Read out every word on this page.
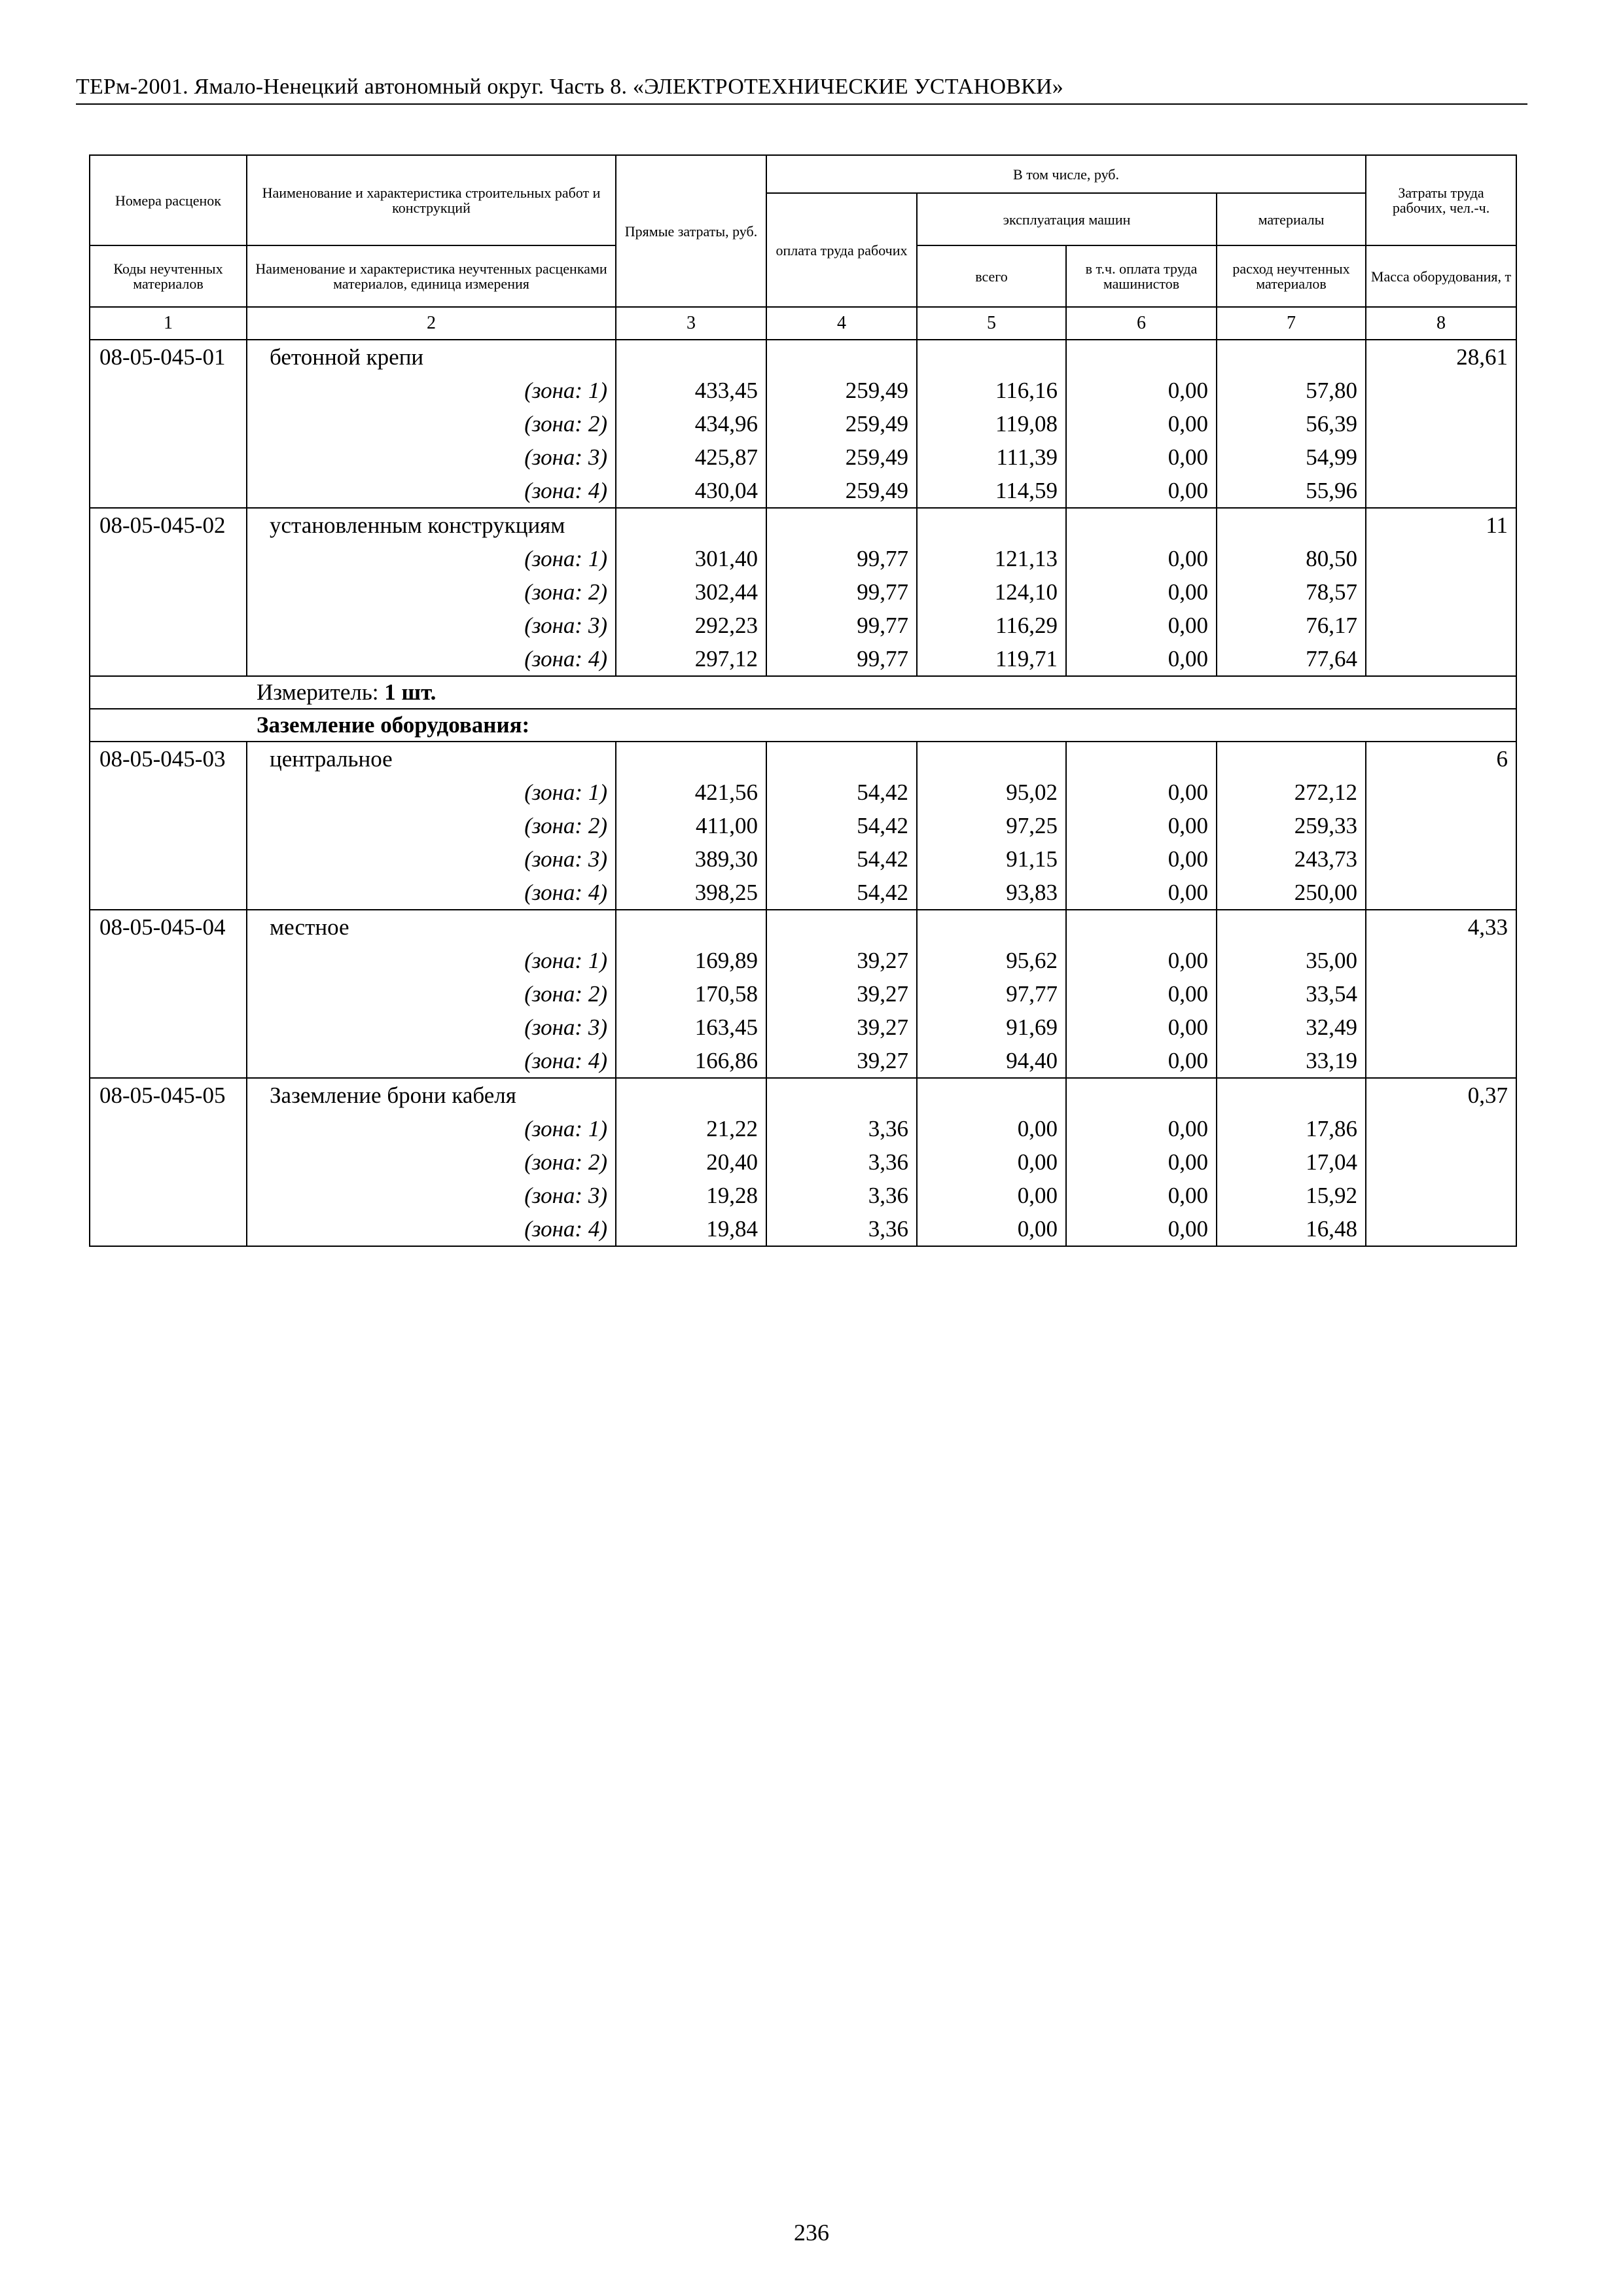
ТЕРм-2001. Ямало-Ненецкий автономный округ. Часть 8. «ЭЛЕКТРОТЕХНИЧЕСКИЕ УСТАНОВКИ»
Номера расценок	Наименование и характеристика строительных работ и конструкций	Прямые затраты, руб.	В том числе, руб.				Затраты труда рабочих, чел.-ч.
			оплата труда рабочих	эксплуатация машин		материалы	
Коды неучтенных материалов	Наименование и характеристика неучтенных расценками материалов, единица измерения			всего	в т.ч. оплата труда машинистов	расход неучтенных материалов	Масса оборудования, т
1	2	3	4	5	6	7	8
08-05-045-01	бетонной крепи						28,61
	(зона: 1)	433,45	259,49	116,16	0,00	57,80	
	(зона: 2)	434,96	259,49	119,08	0,00	56,39	
	(зона: 3)	425,87	259,49	111,39	0,00	54,99	
	(зона: 4)	430,04	259,49	114,59	0,00	55,96	
08-05-045-02	установленным конструкциям						11
	(зона: 1)	301,40	99,77	121,13	0,00	80,50	
	(зона: 2)	302,44	99,77	124,10	0,00	78,57	
	(зона: 3)	292,23	99,77	116,29	0,00	76,17	
	(зона: 4)	297,12	99,77	119,71	0,00	77,64	
Измеритель: 1 шт.							
Заземление оборудования:							
08-05-045-03	центральное						6
	(зона: 1)	421,56	54,42	95,02	0,00	272,12	
	(зона: 2)	411,00	54,42	97,25	0,00	259,33	
	(зона: 3)	389,30	54,42	91,15	0,00	243,73	
	(зона: 4)	398,25	54,42	93,83	0,00	250,00	
08-05-045-04	местное						4,33
	(зона: 1)	169,89	39,27	95,62	0,00	35,00	
	(зона: 2)	170,58	39,27	97,77	0,00	33,54	
	(зона: 3)	163,45	39,27	91,69	0,00	32,49	
	(зона: 4)	166,86	39,27	94,40	0,00	33,19	
08-05-045-05	Заземление брони кабеля						0,37
	(зона: 1)	21,22	3,36	0,00	0,00	17,86	
	(зона: 2)	20,40	3,36	0,00	0,00	17,04	
	(зона: 3)	19,28	3,36	0,00	0,00	15,92	
	(зона: 4)	19,84	3,36	0,00	0,00	16,48	
236
